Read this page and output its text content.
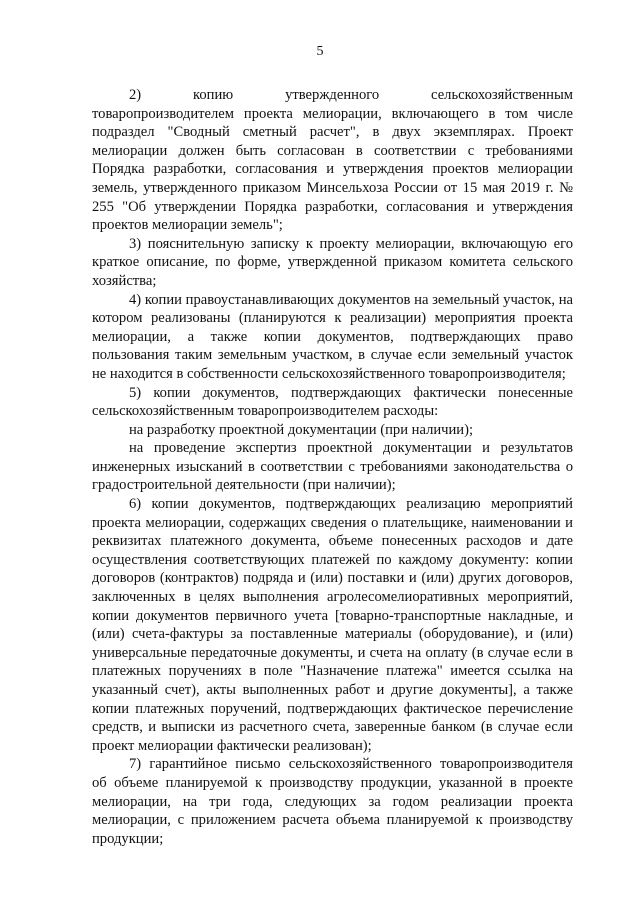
5

2) копию утвержденного сельскохозяйственным товаропроизводителем проекта мелиорации, включающего в том числе подраздел "Сводный сметный расчет", в двух экземплярах. Проект мелиорации должен быть согласован в соответствии с требованиями Порядка разработки, согласования и утверждения проектов мелиорации земель, утвержденного приказом Минсельхоза России от 15 мая 2019 г. № 255 "Об утверждении Порядка разработки, согласования и утверждения проектов мелиорации земель";

3) пояснительную записку к проекту мелиорации, включающую его краткое описание, по форме, утвержденной приказом комитета сельского хозяйства;

4) копии правоустанавливающих документов на земельный участок, на котором реализованы (планируются к реализации) мероприятия проекта мелиорации, а также копии документов, подтверждающих право пользования таким земельным участком, в случае если земельный участок не находится в собственности сельскохозяйственного товаропроизводителя;

5) копии документов, подтверждающих фактически понесенные сельскохозяйственным товаропроизводителем расходы:

на разработку проектной документации (при наличии);

на проведение экспертиз проектной документации и результатов инженерных изысканий в соответствии с требованиями законодательства о градостроительной деятельности (при наличии);

6) копии документов, подтверждающих реализацию мероприятий проекта мелиорации, содержащих сведения о плательщике, наименовании и реквизитах платежного документа, объеме понесенных расходов и дате осуществления соответствующих платежей по каждому документу: копии договоров (контрактов) подряда и (или) поставки и (или) других договоров, заключенных в целях выполнения агролесомелиоративных мероприятий, копии документов первичного учета [товарно-транспортные накладные, и (или) счета-фактуры за поставленные материалы (оборудование), и (или) универсальные передаточные документы, и счета на оплату (в случае если в платежных поручениях в поле "Назначение платежа" имеется ссылка на указанный счет), акты выполненных работ и другие документы], а также копии платежных поручений, подтверждающих фактическое перечисление средств, и выписки из расчетного счета, заверенные банком (в случае если проект мелиорации фактически реализован);

7) гарантийное письмо сельскохозяйственного товаропроизводителя об объеме планируемой к производству продукции, указанной в проекте мелиорации, на три года, следующих за годом реализации проекта мелиорации, с приложением расчета объема планируемой к производству продукции;
